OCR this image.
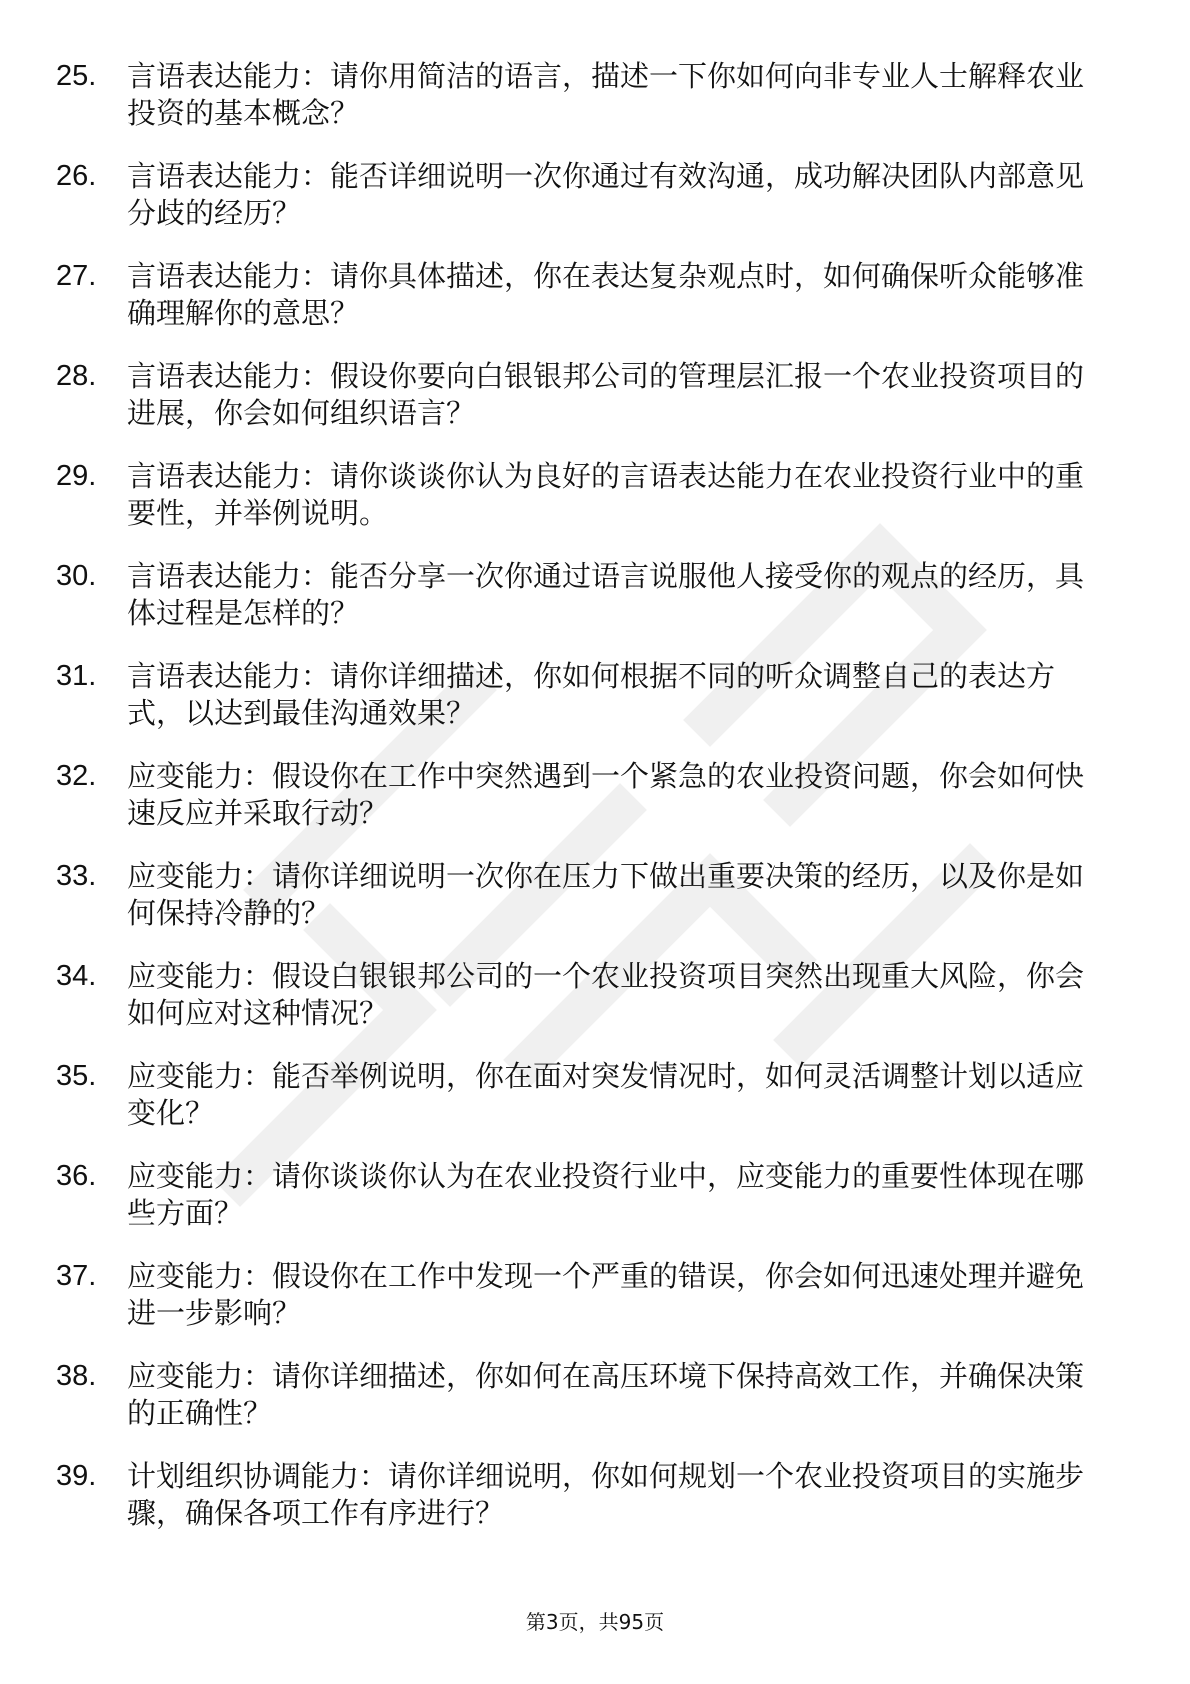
25.	言语表达能力：请你用简洁的语言，描述一下你如何向非专业人士解释农业投资的基本概念？
26.	言语表达能力：能否详细说明一次你通过有效沟通，成功解决团队内部意见分歧的经历？
27.	言语表达能力：请你具体描述，你在表达复杂观点时，如何确保听众能够准确理解你的意思？
28.	言语表达能力：假设你要向白银银邦公司的管理层汇报一个农业投资项目的进展，你会如何组织语言？
29.	言语表达能力：请你谈谈你认为良好的言语表达能力在农业投资行业中的重要性，并举例说明。
30.	言语表达能力：能否分享一次你通过语言说服他人接受你的观点的经历，具体过程是怎样的？
31.	言语表达能力：请你详细描述，你如何根据不同的听众调整自己的表达方式，以达到最佳沟通效果？
32.	应变能力：假设你在工作中突然遇到一个紧急的农业投资问题，你会如何快速反应并采取行动？
33.	应变能力：请你详细说明一次你在压力下做出重要决策的经历，以及你是如何保持冷静的？
34.	应变能力：假设白银银邦公司的一个农业投资项目突然出现重大风险，你会如何应对这种情况？
35.	应变能力：能否举例说明，你在面对突发情况时，如何灵活调整计划以适应变化？
36.	应变能力：请你谈谈你认为在农业投资行业中，应变能力的重要性体现在哪些方面？
37.	应变能力：假设你在工作中发现一个严重的错误，你会如何迅速处理并避免进一步影响？
38.	应变能力：请你详细描述，你如何在高压环境下保持高效工作，并确保决策的正确性？
39.	计划组织协调能力：请你详细说明，你如何规划一个农业投资项目的实施步骤，确保各项工作有序进行？
第3页，共95页
